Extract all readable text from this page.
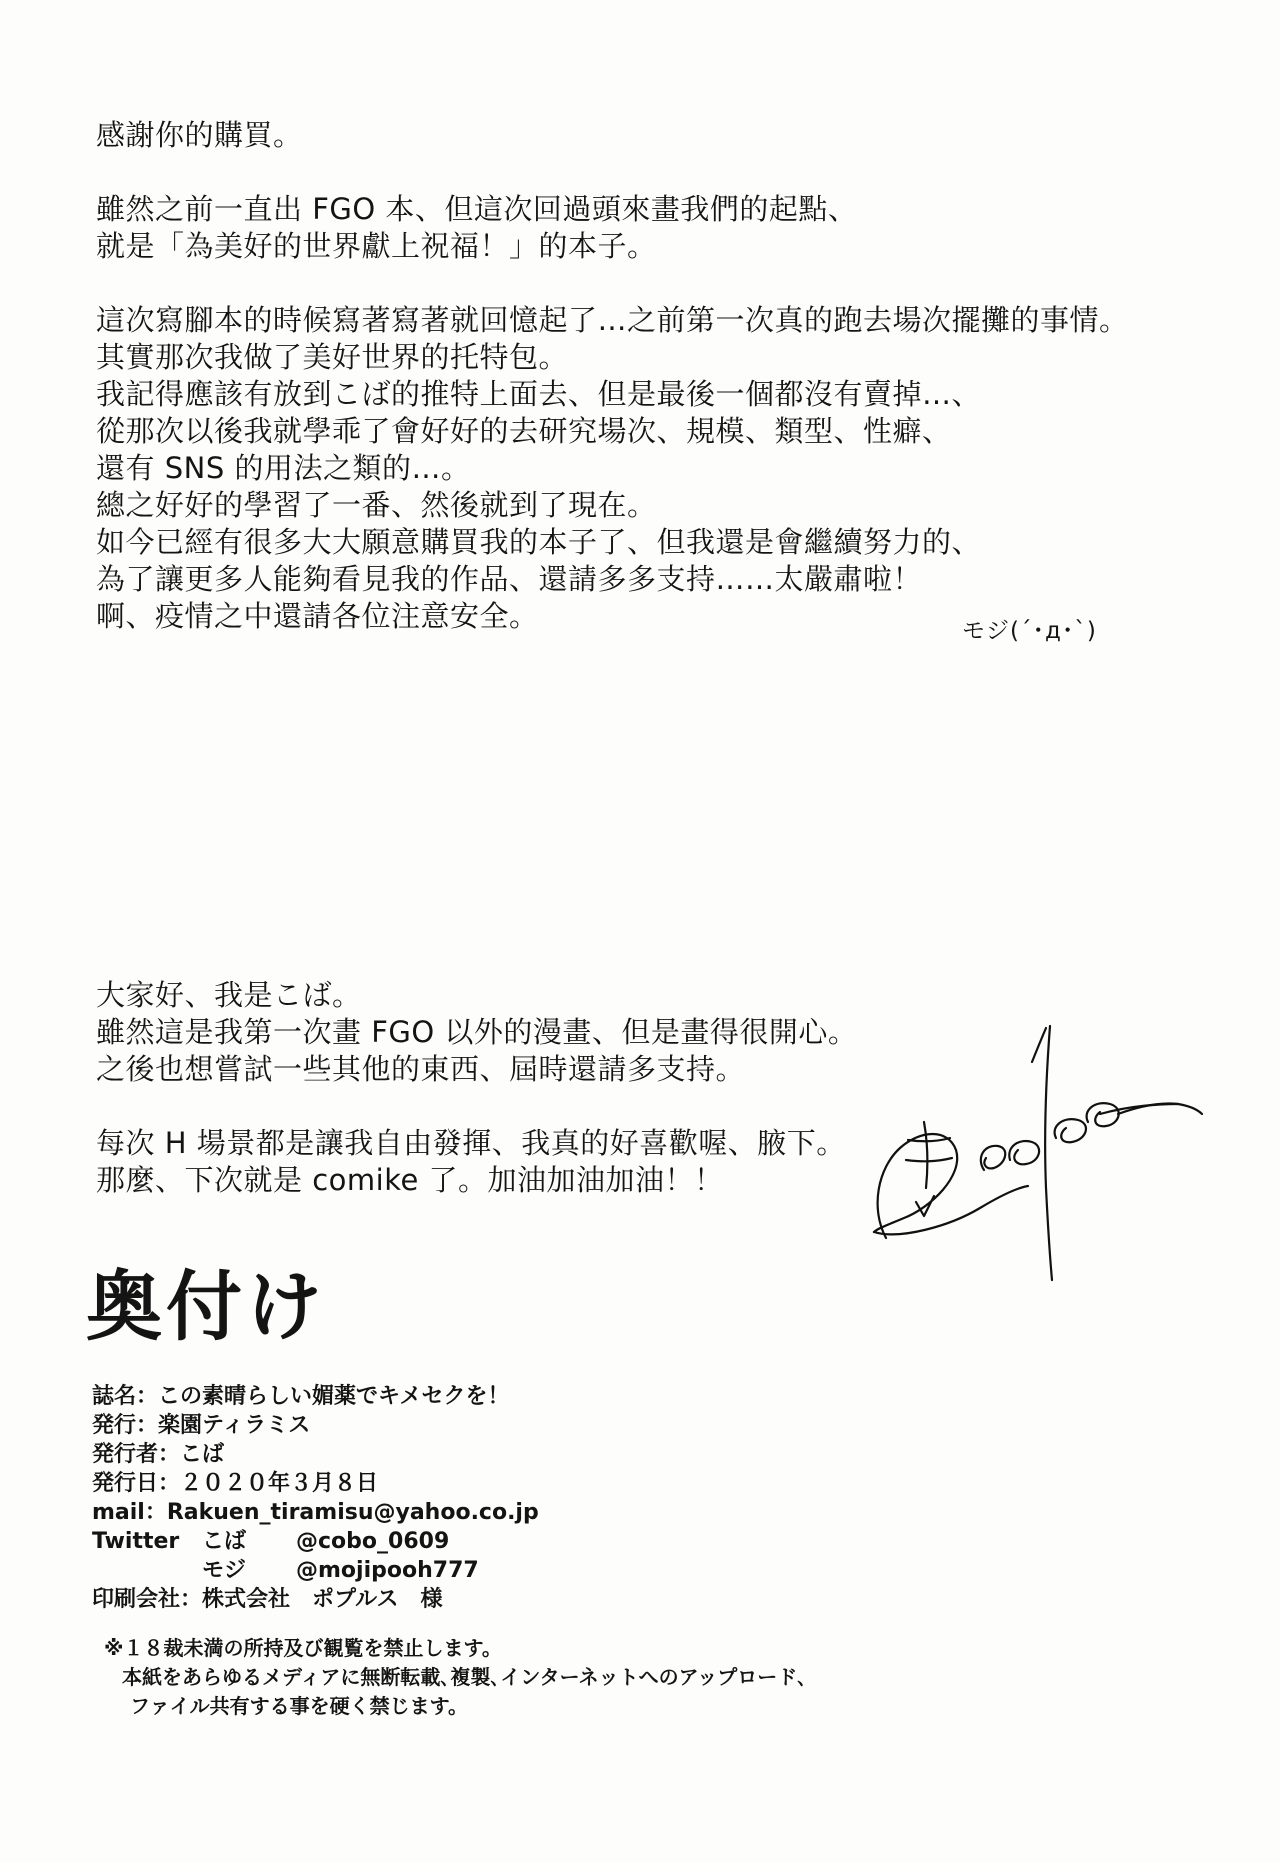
感謝你的購買。
雖然之前一直出 FGO 本、但這次回過頭來畫我們的起點、
就是「為美好的世界獻上祝福！」的本子。
這次寫腳本的時候寫著寫著就回憶起了…之前第一次真的跑去場次擺攤的事情。
其實那次我做了美好世界的托特包。
我記得應該有放到こば的推特上面去、但是最後一個都沒有賣掉…、
從那次以後我就學乖了會好好的去研究場次、規模、類型、性癖、
還有 SNS 的用法之類的…。
總之好好的學習了一番、然後就到了現在。
如今已經有很多大大願意購買我的本子了、但我還是會繼續努力的、
為了讓更多人能夠看見我的作品、還請多多支持……太嚴肅啦！
啊、疫情之中還請各位注意安全。	モジ(´･д･`)
大家好、我是こば。
雖然這是我第一次畫 FGO 以外的漫畫、但是畫得很開心。
之後也想嘗試一些其他的東西、屆時還請多支持。
每次 H 場景都是讓我自由發揮、我真的好喜歡喔、腋下。
那麼、下次就是 comike 了。加油加油加油！！
奥付け
誌名：この素晴らしい媚薬でキメセクを！
発行：楽園ティラミス
発行者：こば
発行日：２０２０年３月８日
mail：Rakuen_tiramisu@yahoo.co.jp
Twitter こば @cobo_0609
モジ @mojipooh777
印刷会社：株式会社　ポプルス　様
※１８裁未満の所持及び観覧を禁止します。
本紙をあらゆるメディアに無断転載､複製､インターネットへのアップロード､
ファイル共有する事を硬く禁じます。
